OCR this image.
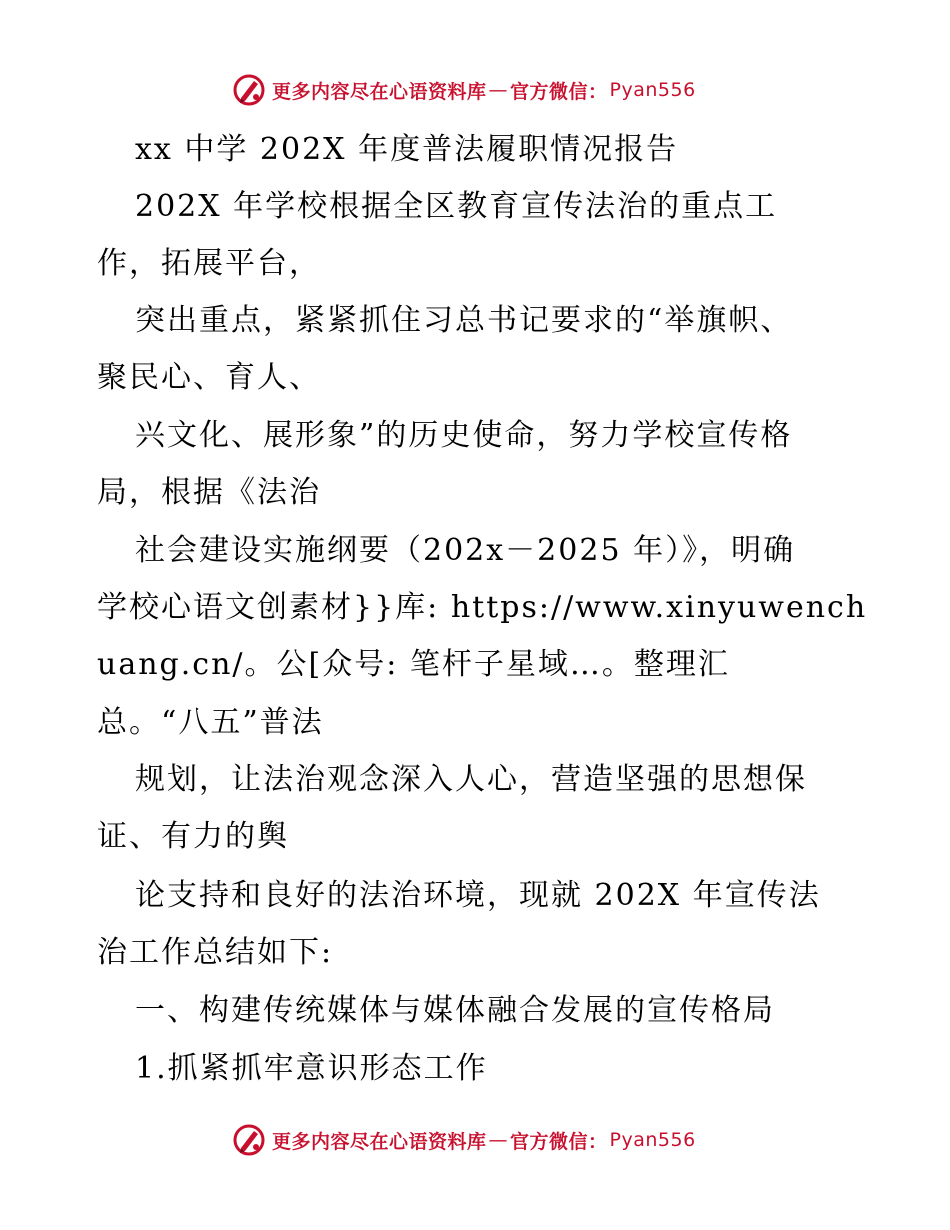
更多内容尽在心语资料库 — 官方微信： Pyan556

xx 中学 202X 年度普法履职情况报告

202X 年学校根据全区教育宣传法治的重点工

作，拓展平台，

突出重点，紧紧抓住习总书记要求的“举旗帜、

聚民心、育人、

兴文化、展形象”的历史使命，努力学校宣传格

局，根据《法治

社会建设实施纲要（202x－2025 年）》，明确

学校心语文创素材}}库: https://www.xinyuwench

uang.cn/。公[众号: 笔杆子星域…。整理汇

总。“八五”普法

规划，让法治观念深入人心，营造坚强的思想保

证、有力的舆

论支持和良好的法治环境，现就 202X 年宣传法

治工作总结如下:

一、构建传统媒体与媒体融合发展的宣传格局

1.抓紧抓牢意识形态工作

更多内容尽在心语资料库 — 官方微信： Pyan556
